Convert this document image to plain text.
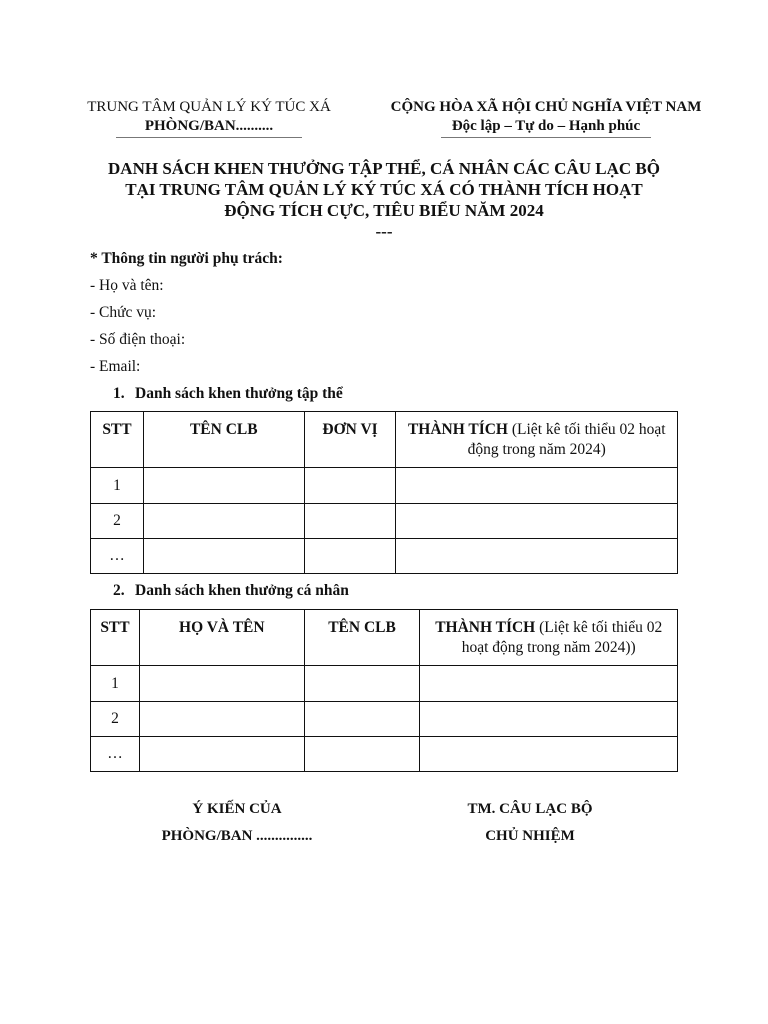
TRUNG TÂM QUẢN LÝ KÝ TÚC XÁ
PHÒNG/BAN..........
CỘNG HÒA XÃ HỘI CHỦ NGHĨA VIỆT NAM
Độc lập – Tự do – Hạnh phúc
DANH SÁCH KHEN THƯỞNG TẬP THỂ, CÁ NHÂN CÁC CÂU LẠC BỘ
TẠI TRUNG TÂM QUẢN LÝ KÝ TÚC XÁ CÓ THÀNH TÍCH HOẠT
ĐỘNG TÍCH CỰC, TIÊU BIỂU NĂM 2024
---
* Thông tin người phụ trách:
- Họ và tên:
- Chức vụ:
- Số điện thoại:
- Email:
1. Danh sách khen thưởng tập thể
STT	TÊN CLB	ĐƠN VỊ	THÀNH TÍCH (Liệt kê tối thiểu 02 hoạt động trong năm 2024)
1			
2			
…			
2. Danh sách khen thưởng cá nhân
STT	HỌ VÀ TÊN	TÊN CLB	THÀNH TÍCH (Liệt kê tối thiểu 02 hoạt động trong năm 2024))
1			
2			
…			
Ý KIẾN CỦA
PHÒNG/BAN ...............
TM. CÂU LẠC BỘ
CHỦ NHIỆM
